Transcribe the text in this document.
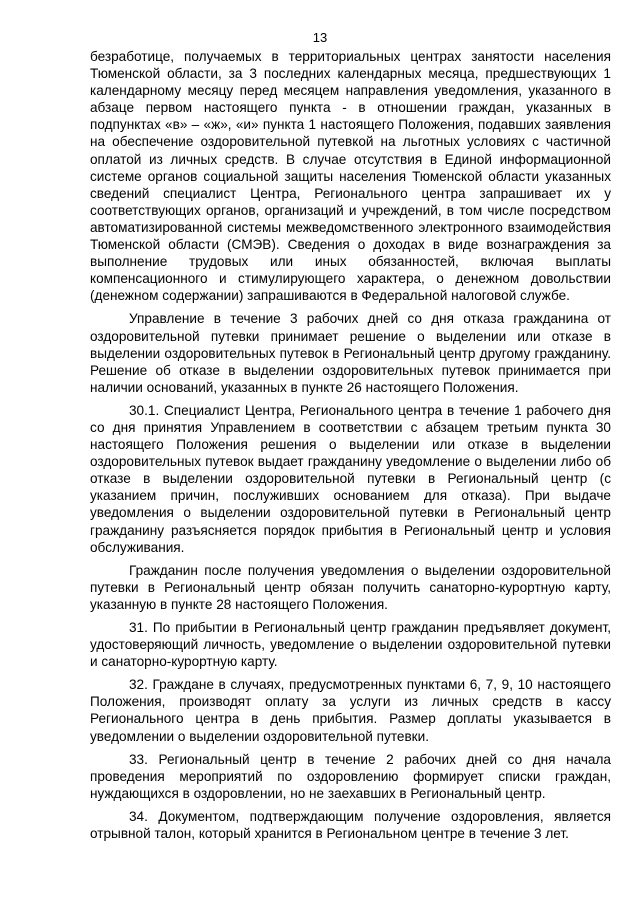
13

безработице, получаемых в территориальных центрах занятости населения Тюменской области, за 3 последних календарных месяца, предшествующих 1 календарному месяцу перед месяцем направления уведомления, указанного в абзаце первом настоящего пункта - в отношении граждан, указанных в подпунктах «в» – «ж», «и» пункта 1 настоящего Положения, подавших заявления на обеспечение оздоровительной путевкой на льготных условиях с частичной оплатой из личных средств. В случае отсутствия в Единой информационной системе органов социальной защиты населения Тюменской области указанных сведений специалист Центра, Регионального центра запрашивает их у соответствующих органов, организаций и учреждений, в том числе посредством автоматизированной системы межведомственного электронного взаимодействия Тюменской области (СМЭВ). Сведения о доходах в виде вознаграждения за выполнение трудовых или иных обязанностей, включая выплаты компенсационного и стимулирующего характера, о денежном довольствии (денежном содержании) запрашиваются в Федеральной налоговой службе.

Управление в течение 3 рабочих дней со дня отказа гражданина от оздоровительной путевки принимает решение о выделении или отказе в выделении оздоровительных путевок в Региональный центр другому гражданину. Решение об отказе в выделении оздоровительных путевок принимается при наличии оснований, указанных в пункте 26 настоящего Положения.

30.1. Специалист Центра, Регионального центра в течение 1 рабочего дня со дня принятия Управлением в соответствии с абзацем третьим пункта 30 настоящего Положения решения о выделении или отказе в выделении оздоровительных путевок выдает гражданину уведомление о выделении либо об отказе в выделении оздоровительной путевки в Региональный центр (с указанием причин, послуживших основанием для отказа). При выдаче уведомления о выделении оздоровительной путевки в Региональный центр гражданину разъясняется порядок прибытия в Региональный центр и условия обслуживания.

Гражданин после получения уведомления о выделении оздоровительной путевки в Региональный центр обязан получить санаторно-курортную карту, указанную в пункте 28 настоящего Положения.

31. По прибытии в Региональный центр гражданин предъявляет документ, удостоверяющий личность, уведомление о выделении оздоровительной путевки и санаторно-курортную карту.

32. Граждане в случаях, предусмотренных пунктами 6, 7, 9, 10 настоящего Положения, производят оплату за услуги из личных средств в кассу Регионального центра в день прибытия. Размер доплаты указывается в уведомлении о выделении оздоровительной путевки.

33. Региональный центр в течение 2 рабочих дней со дня начала проведения мероприятий по оздоровлению формирует списки граждан, нуждающихся в оздоровлении, но не заехавших в Региональный центр.

34. Документом, подтверждающим получение оздоровления, является отрывной талон, который хранится в Региональном центре в течение 3 лет.
